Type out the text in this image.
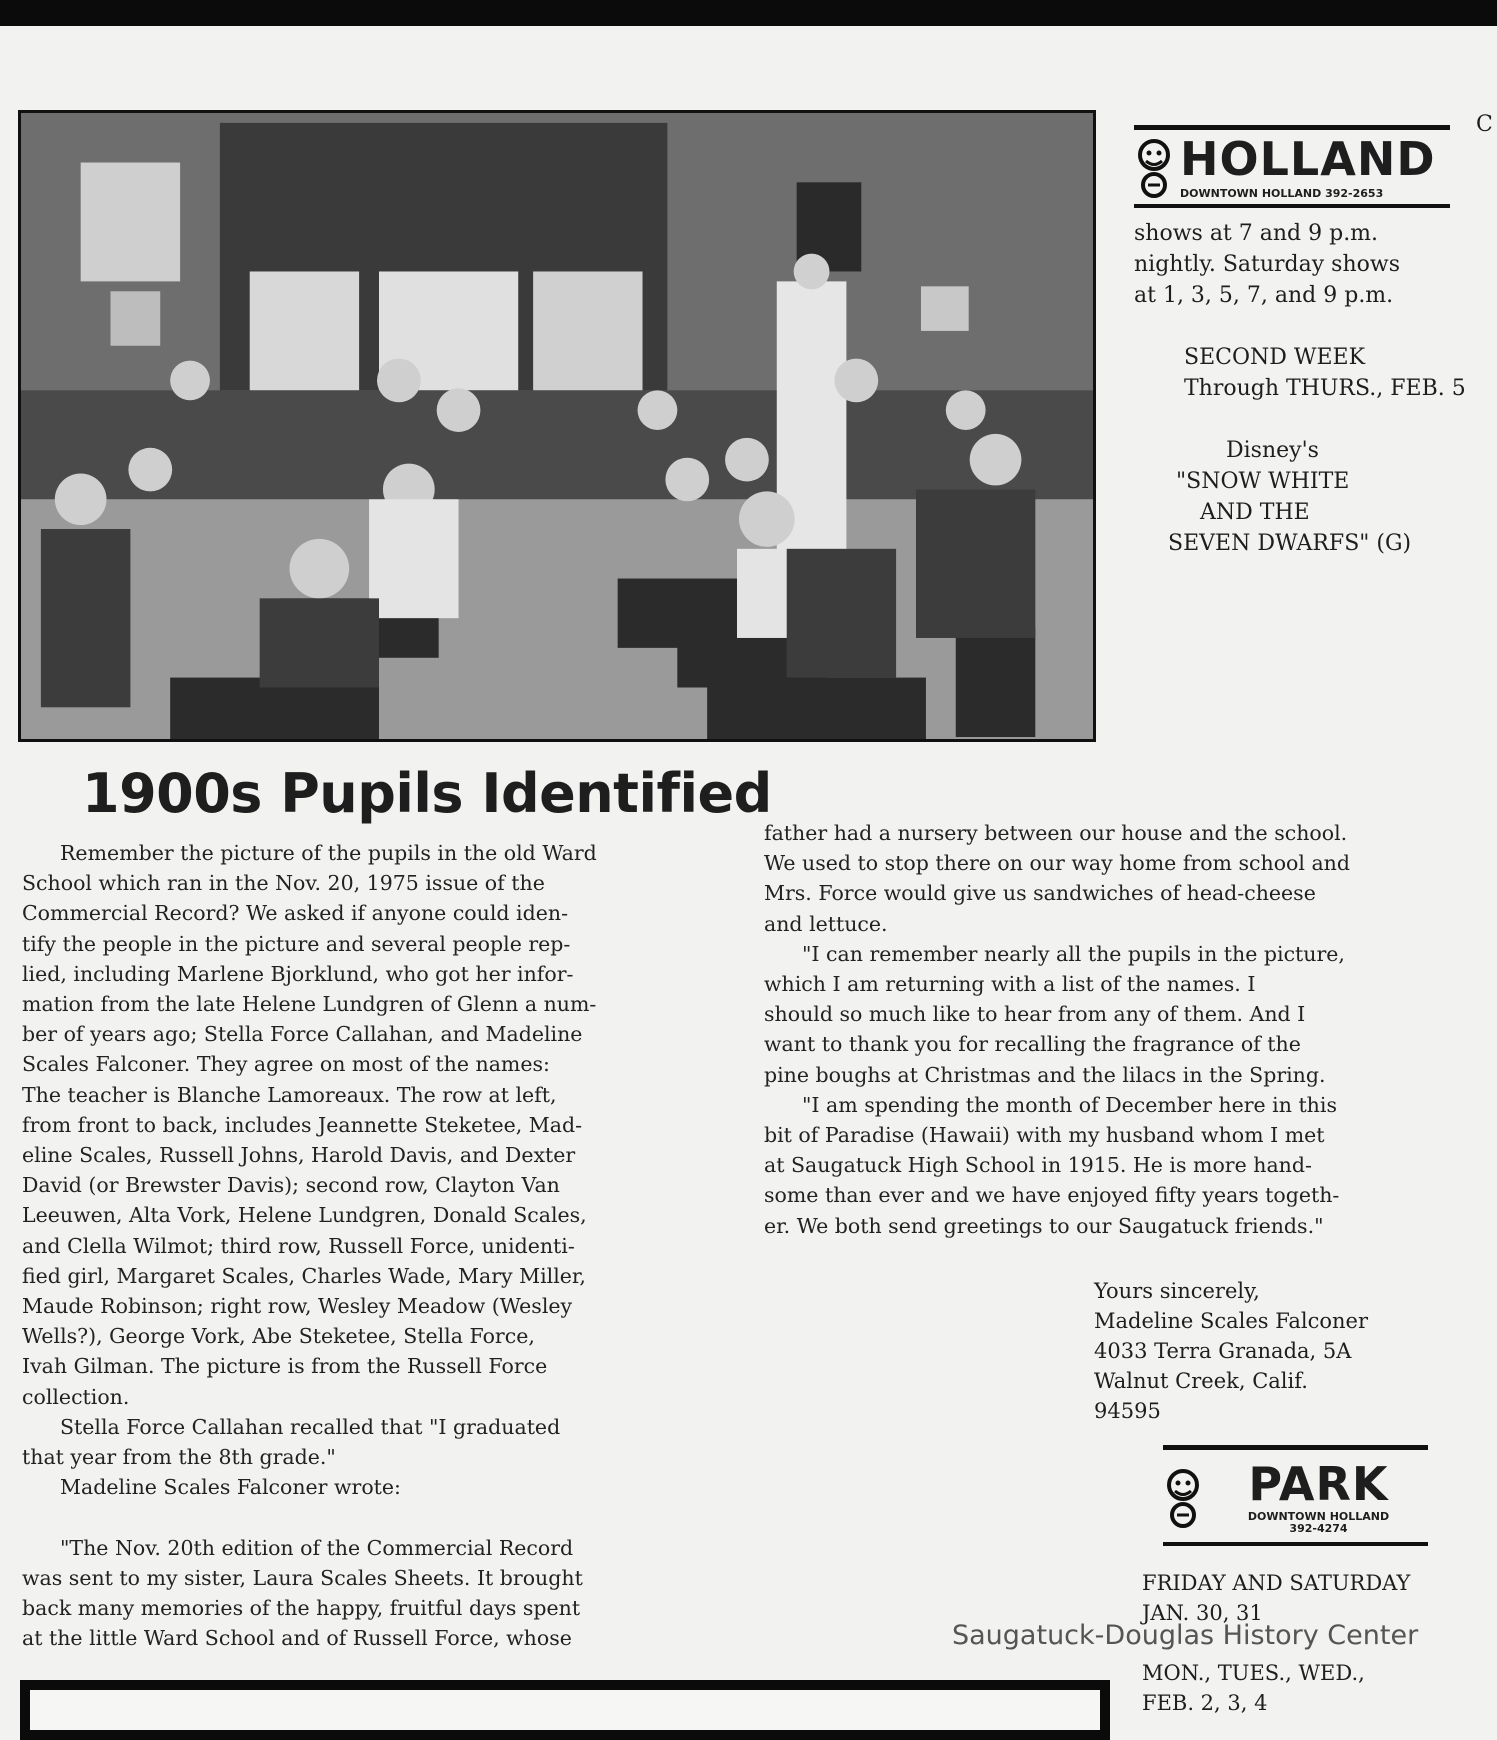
C
HOLLAND
DOWNTOWN HOLLAND 392-2653
shows at 7 and 9 p.m.
nightly. Saturday shows
at 1, 3, 5, 7, and 9 p.m.

SECOND WEEK
Through THURS., FEB. 5

Disney's
"SNOW WHITE
AND THE
SEVEN DWARFS" (G)
1900s Pupils Identified
Remember the picture of the pupils in the old Ward
School which ran in the Nov. 20, 1975 issue of the
Commercial Record? We asked if anyone could iden-
tify the people in the picture and several people rep-
lied, including Marlene Bjorklund, who got her infor-
mation from the late Helene Lundgren of Glenn a num-
ber of years ago; Stella Force Callahan, and Madeline
Scales Falconer. They agree on most of the names:
The teacher is Blanche Lamoreaux. The row at left,
from front to back, includes Jeannette Steketee, Mad-
eline Scales, Russell Johns, Harold Davis, and Dexter
David (or Brewster Davis); second row, Clayton Van
Leeuwen, Alta Vork, Helene Lundgren, Donald Scales,
and Clella Wilmot; third row, Russell Force, unidenti-
fied girl, Margaret Scales, Charles Wade, Mary Miller,
Maude Robinson; right row, Wesley Meadow (Wesley
Wells?), George Vork, Abe Steketee, Stella Force,
Ivah Gilman. The picture is from the Russell Force
collection.
Stella Force Callahan recalled that "I graduated
that year from the 8th grade."
Madeline Scales Falconer wrote:

"The Nov. 20th edition of the Commercial Record
was sent to my sister, Laura Scales Sheets. It brought
back many memories of the happy, fruitful days spent
at the little Ward School and of Russell Force, whose
father had a nursery between our house and the school.
We used to stop there on our way home from school and
Mrs. Force would give us sandwiches of head-cheese
and lettuce.
"I can remember nearly all the pupils in the picture,
which I am returning with a list of the names. I
should so much like to hear from any of them. And I
want to thank you for recalling the fragrance of the
pine boughs at Christmas and the lilacs in the Spring.
"I am spending the month of December here in this
bit of Paradise (Hawaii) with my husband whom I met
at Saugatuck High School in 1915. He is more hand-
some than ever and we have enjoyed fifty years togeth-
er. We both send greetings to our Saugatuck friends."
Yours sincerely,
Madeline Scales Falconer
4033 Terra Granada, 5A
Walnut Creek, Calif.
94595
PARK
DOWNTOWN HOLLAND
392-4274
FRIDAY AND SATURDAY
JAN. 30, 31

MON., TUES., WED.,
FEB. 2, 3, 4
Saugatuck-Douglas History Center
